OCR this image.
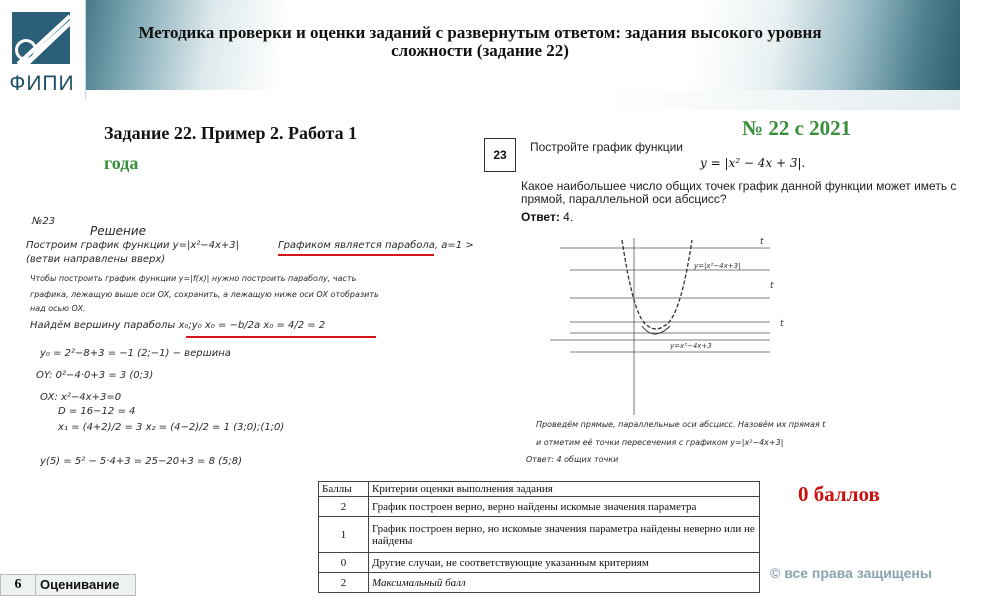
ФИПИ
Методика проверки и оценки заданий с развернутым ответом: задания высокого уровня сложности (задание 22)
Задание 22. Пример 2. Работа 1
года
№ 22 с 2021
23
Постройте график функции
y = |x² − 4x + 3|.
Какое наибольшее число общих точек график данной функции может иметь с прямой, параллельной оси абсцисс?
Ответ: 4.
№23
Решение
Построим график функции y=|x²−4x+3|	Графиком является парабола, a=1 >
(ветви направлены вверх)
Чтобы построить график функции y=|f(x)| нужно построить параболу, часть
графика, лежащую выше оси OX, сохранить, а лежащую ниже оси OX отобразить
над осью OX.
Найдём вершину параболы x₀;y₀ x₀ = −b/2a x₀ = 4/2 = 2
y₀ = 2²−8+3 = −1 (2;−1) − вершина
OY: 0²−4·0+3 = 3 (0;3)
OX: x²−4x+3=0
D = 16−12 = 4
x₁ = (4+2)/2 = 3 x₂ = (4−2)/2 = 1 (3;0);(1;0)
y(5) = 5² − 5·4+3 = 25−20+3 = 8 (5;8)
y=|x²−4x+3|
y=x²−4x+3
t
t
t
Проведём прямые, параллельные оси абсцисс. Назовём их прямая t
и отметим её точки пересечения с графиком y=|x²−4x+3|
Ответ: 4 общих точки
Баллы	Критерии оценки выполнения задания
2	График построен верно, верно найдены искомые значения параметра
1	График построен верно, но искомые значения параметра найдены неверно или не найдены
0	Другие случаи, не соответствующие указанным критериям
2	Максимальный балл
0 баллов
© все права защищены
6	Оценивание
